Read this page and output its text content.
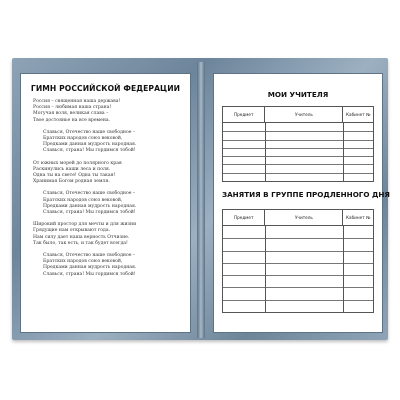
ГИМН РОССИЙСКОЙ ФЕДЕРАЦИИ
Россия – священная наша держава!
Россия – любимая наша страна!
Могучая воля, великая слава –
Твое достоянье на все времена.
Славься, Отечество наше свободное –
Братских народов союз вековой,
Предками данная мудрость народная.
Славься, страна! Мы гордимся тобой!
От южных морей до полярного края
Раскинулись наши леса и поля.
Одна ты на свете! Одна ты такая!
Хранимая Богом родная земля.
Славься, Отечество наше свободное –
Братских народов союз вековой,
Предками данная мудрость народная.
Славься, страна! Мы гордимся тобой!
Широкий простор для мечты и для жизни
Грядущие нам открывают года.
Нам силу дает наша верность Отчизне.
Так было, так есть, и так будет всегда!
Славься, Отечество наше свободное –
Братских народов союз вековой,
Предками данная мудрость народная.
Славься, страна! Мы гордимся тобой!
МОИ УЧИТЕЛЯ
Предмет	Учитель	Кабинет №
ЗАНЯТИЯ В ГРУППЕ ПРОДЛЕННОГО ДНЯ
Предмет	Учитель	Кабинет №
